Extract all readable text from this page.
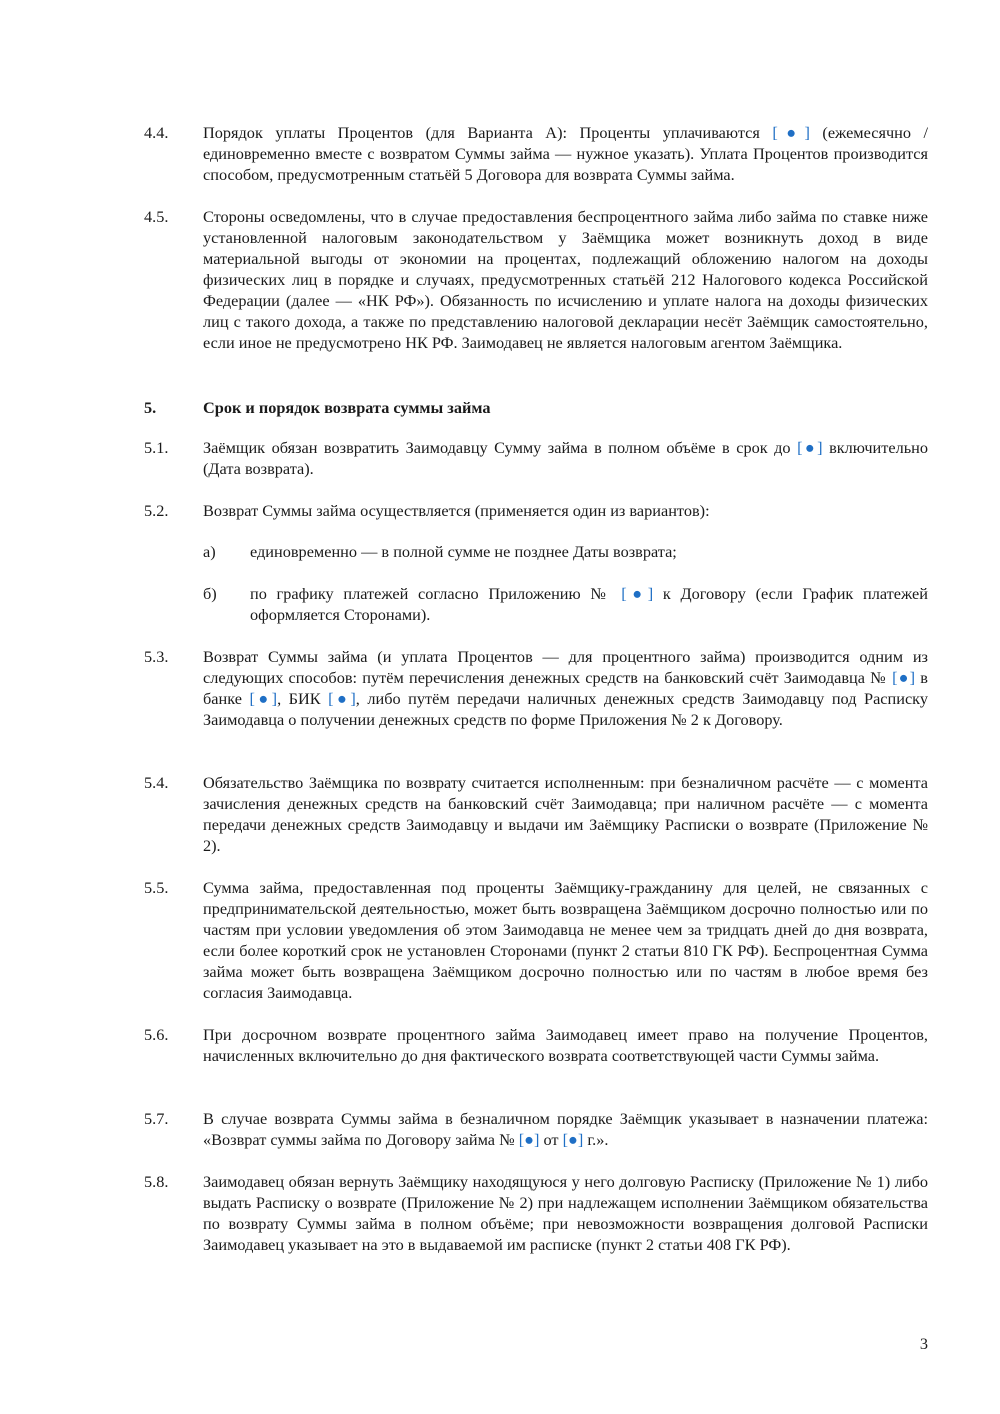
4.4. Порядок уплаты Процентов (для Варианта А): Проценты уплачиваются [●] (ежемесячно / единовременно вместе с возвратом Суммы займа — нужное указать). Уплата Процентов производится способом, предусмотренным статьёй 5 Договора для возврата Суммы займа.
4.5. Стороны осведомлены, что в случае предоставления беспроцентного займа либо займа по ставке ниже установленной налоговым законодательством у Заёмщика может возникнуть доход в виде материальной выгоды от экономии на процентах, подлежащий обложению налогом на доходы физических лиц в порядке и случаях, предусмотренных статьёй 212 Налогового кодекса Российской Федерации (далее — «НК РФ»). Обязанность по исчислению и уплате налога на доходы физических лиц с такого дохода, а также по представлению налоговой декларации несёт Заёмщик самостоятельно, если иное не предусмотрено НК РФ. Заимодавец не является налоговым агентом Заёмщика.
5.	Срок и порядок возврата суммы займа
5.1. Заёмщик обязан возвратить Заимодавцу Сумму займа в полном объёме в срок до [●] включительно (Дата возврата).
5.2. Возврат Суммы займа осуществляется (применяется один из вариантов):
а) единовременно — в полной сумме не позднее Даты возврата;
б) по графику платежей согласно Приложению № [●] к Договору (если График платежей оформляется Сторонами).
5.3. Возврат Суммы займа (и уплата Процентов — для процентного займа) производится одним из следующих способов: путём перечисления денежных средств на банковский счёт Заимодавца № [●] в банке [●], БИК [●], либо путём передачи наличных денежных средств Заимодавцу под Расписку Заимодавца о получении денежных средств по форме Приложения № 2 к Договору.
5.4. Обязательство Заёмщика по возврату считается исполненным: при безналичном расчёте — с момента зачисления денежных средств на банковский счёт Заимодавца; при наличном расчёте — с момента передачи денежных средств Заимодавцу и выдачи им Заёмщику Расписки о возврате (Приложение № 2).
5.5. Сумма займа, предоставленная под проценты Заёмщику-гражданину для целей, не связанных с предпринимательской деятельностью, может быть возвращена Заёмщиком досрочно полностью или по частям при условии уведомления об этом Заимодавца не менее чем за тридцать дней до дня возврата, если более короткий срок не установлен Сторонами (пункт 2 статьи 810 ГК РФ). Беспроцентная Сумма займа может быть возвращена Заёмщиком досрочно полностью или по частям в любое время без согласия Заимодавца.
5.6. При досрочном возврате процентного займа Заимодавец имеет право на получение Процентов, начисленных включительно до дня фактического возврата соответствующей части Суммы займа.
5.7. В случае возврата Суммы займа в безналичном порядке Заёмщик указывает в назначении платежа: «Возврат суммы займа по Договору займа № [●] от [●] г.».
5.8. Заимодавец обязан вернуть Заёмщику находящуюся у него долговую Расписку (Приложение № 1) либо выдать Расписку о возврате (Приложение № 2) при надлежащем исполнении Заёмщиком обязательства по возврату Суммы займа в полном объёме; при невозможности возвращения долговой Расписки Заимодавец указывает на это в выдаваемой им расписке (пункт 2 статьи 408 ГК РФ).
3
